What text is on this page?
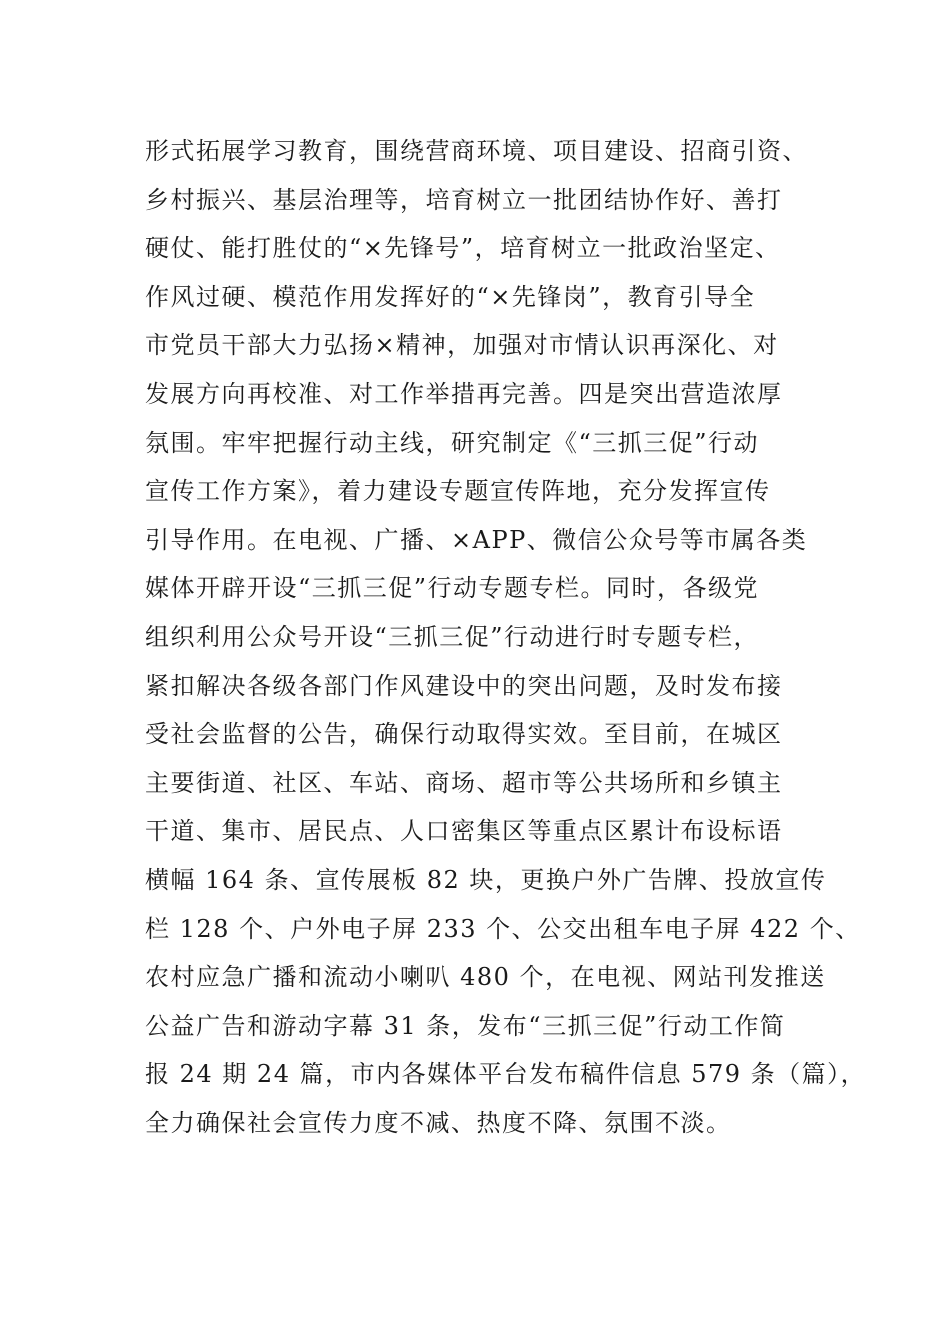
形式拓展学习教育，围绕营商环境、项目建设、招商引资、
乡村振兴、基层治理等，培育树立一批团结协作好、善打
硬仗、能打胜仗的“×先锋号”，培育树立一批政治坚定、
作风过硬、模范作用发挥好的“×先锋岗”，教育引导全
市党员干部大力弘扬×精神，加强对市情认识再深化、对
发展方向再校准、对工作举措再完善。四是突出营造浓厚
氛围。牢牢把握行动主线，研究制定《“三抓三促”行动
宣传工作方案》，着力建设专题宣传阵地，充分发挥宣传
引导作用。在电视、广播、×APP、微信公众号等市属各类
媒体开辟开设“三抓三促”行动专题专栏。同时，各级党
组织利用公众号开设“三抓三促”行动进行时专题专栏，
紧扣解决各级各部门作风建设中的突出问题，及时发布接
受社会监督的公告，确保行动取得实效。至目前，在城区
主要街道、社区、车站、商场、超市等公共场所和乡镇主
干道、集市、居民点、人口密集区等重点区累计布设标语
横幅 164 条、宣传展板 82 块，更换户外广告牌、投放宣传
栏 128 个、户外电子屏 233 个、公交出租车电子屏 422 个、
农村应急广播和流动小喇叭 480 个，在电视、网站刊发推送
公益广告和游动字幕 31 条，发布“三抓三促”行动工作简
报 24 期 24 篇，市内各媒体平台发布稿件信息 579 条（篇），
全力确保社会宣传力度不减、热度不降、氛围不淡。
